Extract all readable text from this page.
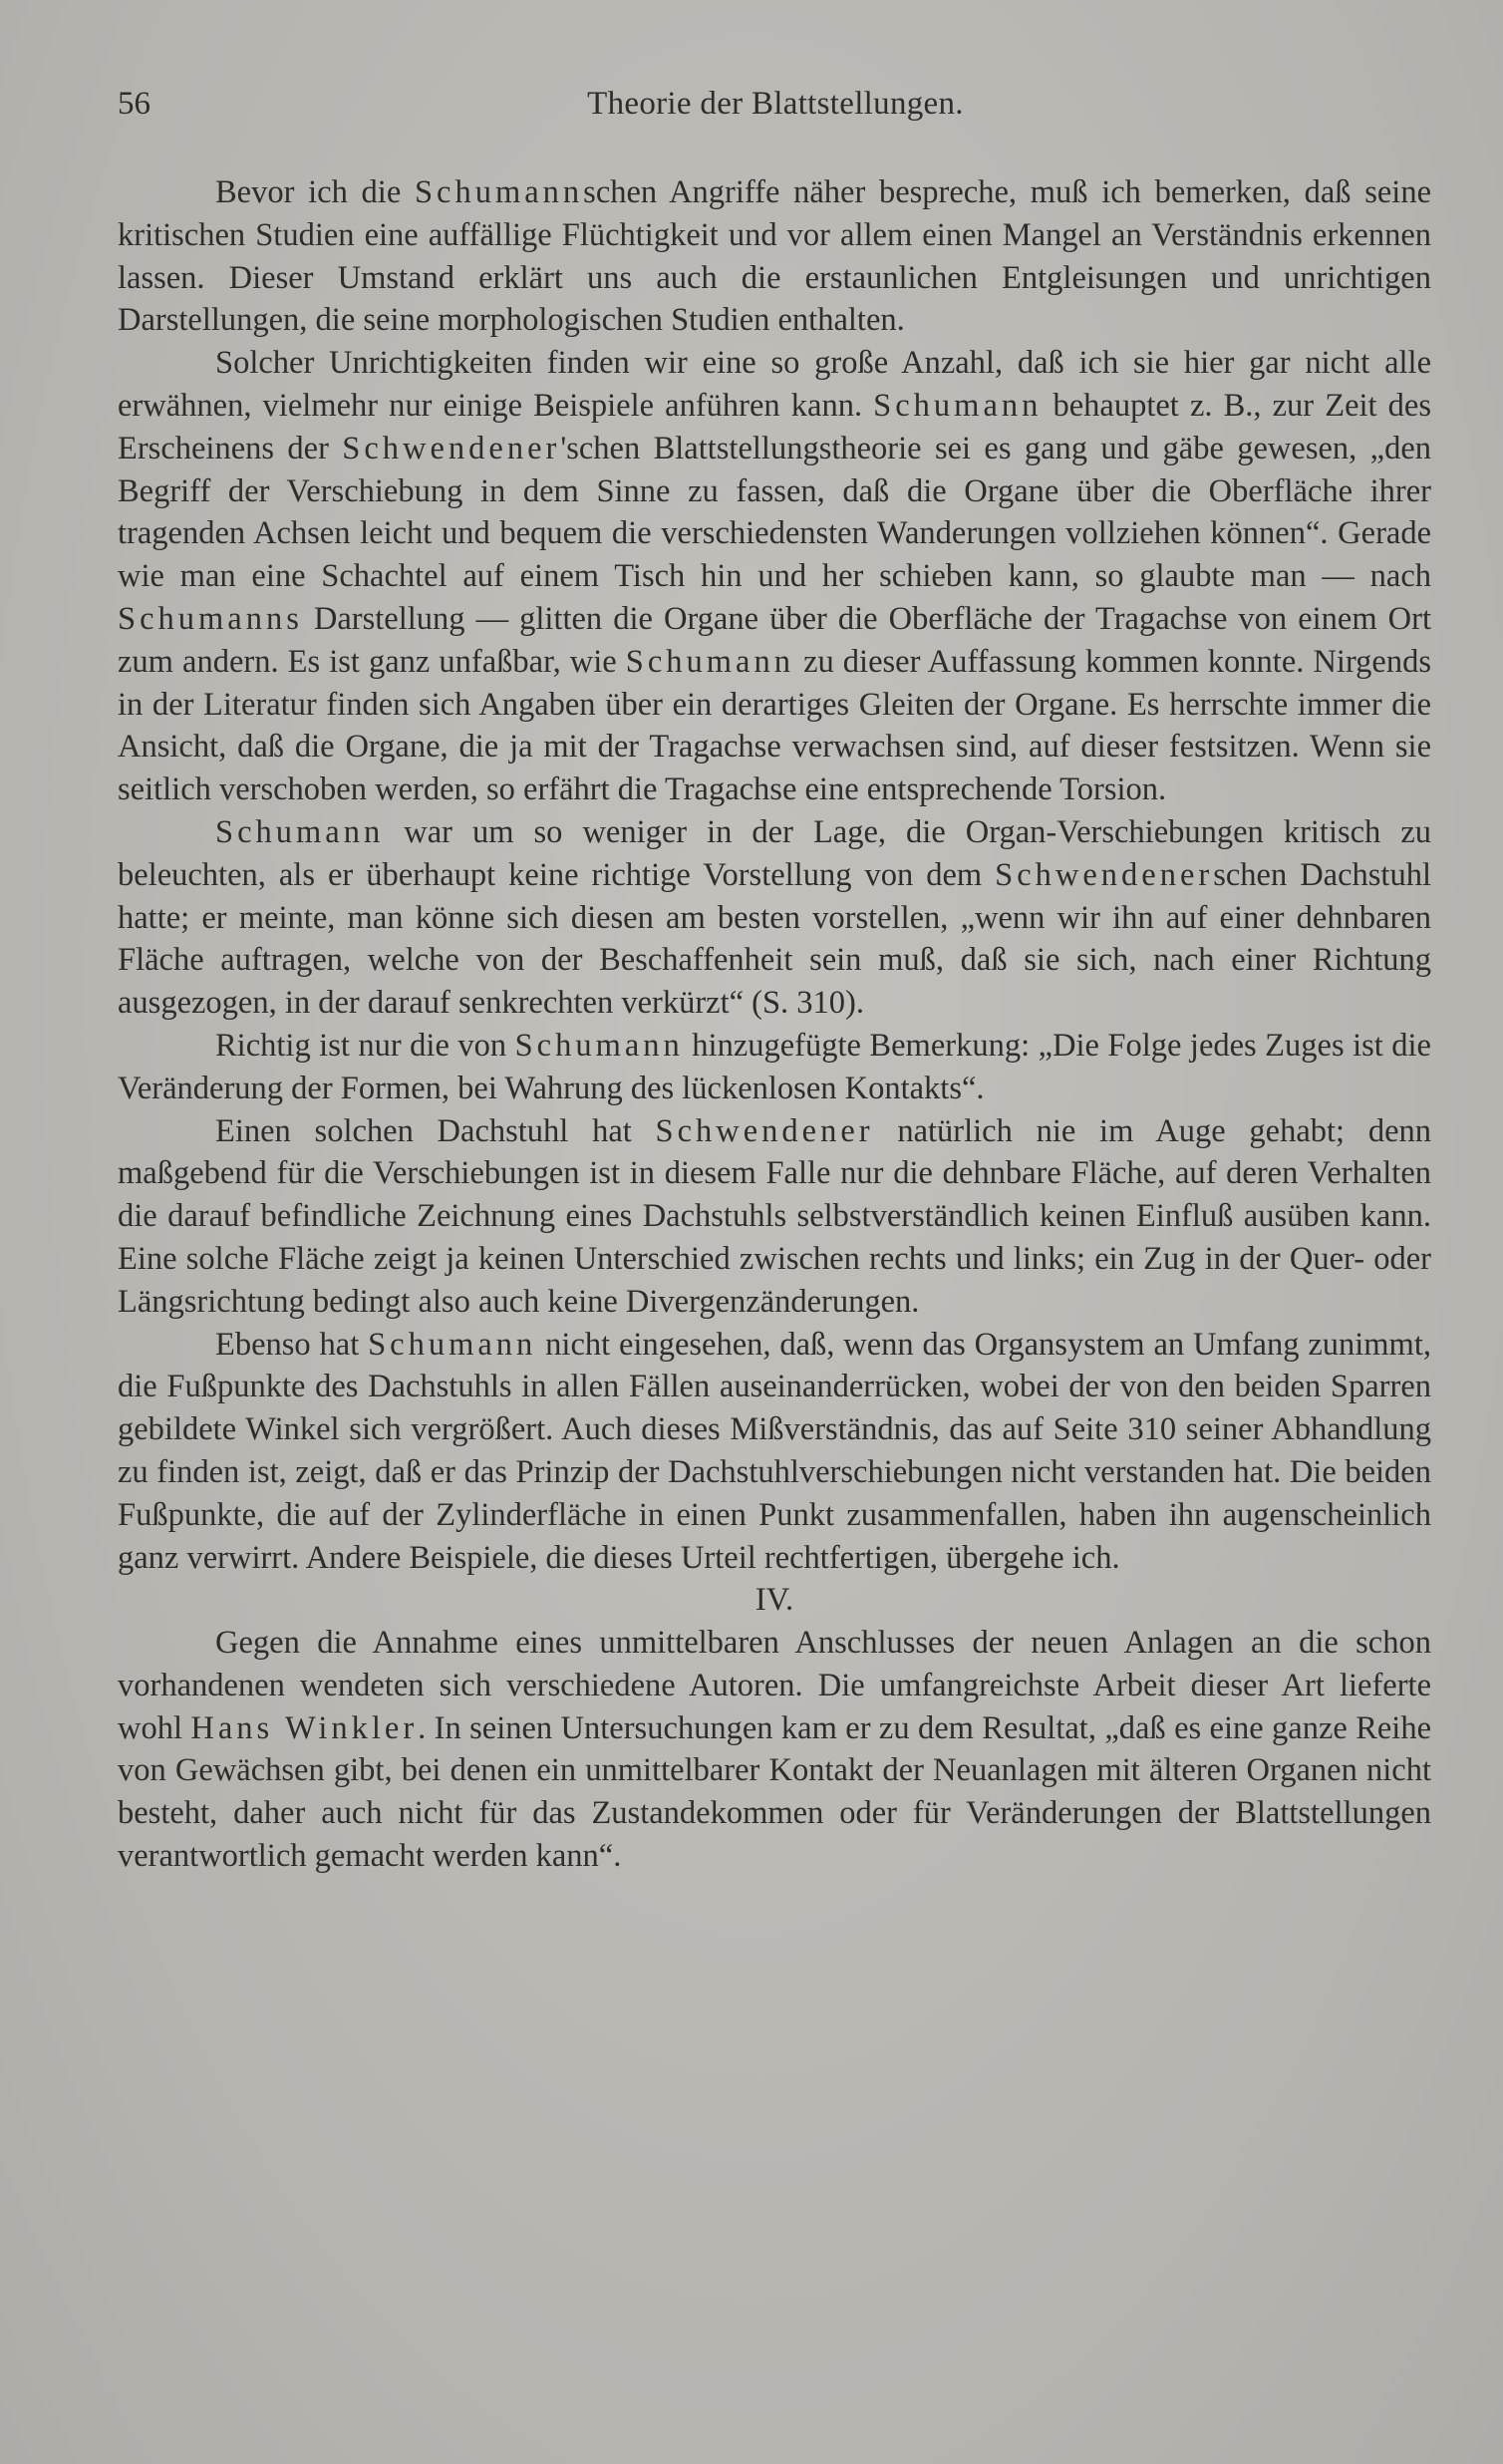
56	Theorie der Blattstellungen.

Bevor ich die Schumannschen Angriffe näher bespreche, muß ich bemerken, daß seine kritischen Studien eine auffällige Flüchtigkeit und vor allem einen Mangel an Verständnis erkennen lassen. Dieser Umstand erklärt uns auch die erstaunlichen Entgleisungen und unrichtigen Darstellungen, die seine morphologischen Studien enthalten.

Solcher Unrichtigkeiten finden wir eine so große Anzahl, daß ich sie hier gar nicht alle erwähnen, vielmehr nur einige Beispiele anführen kann. Schumann behauptet z. B., zur Zeit des Erscheinens der Schwendener'schen Blattstellungstheorie sei es gang und gäbe gewesen, „den Begriff der Verschiebung in dem Sinne zu fassen, daß die Organe über die Oberfläche ihrer tragenden Achsen leicht und bequem die verschiedensten Wanderungen vollziehen können“. Gerade wie man eine Schachtel auf einem Tisch hin und her schieben kann, so glaubte man — nach Schumanns Darstellung — glitten die Organe über die Oberfläche der Tragachse von einem Ort zum andern. Es ist ganz unfaßbar, wie Schumann zu dieser Auffassung kommen konnte. Nirgends in der Literatur finden sich Angaben über ein derartiges Gleiten der Organe. Es herrschte immer die Ansicht, daß die Organe, die ja mit der Tragachse verwachsen sind, auf dieser festsitzen. Wenn sie seitlich verschoben werden, so erfährt die Tragachse eine entsprechende Torsion.

Schumann war um so weniger in der Lage, die Organ-Verschiebungen kritisch zu beleuchten, als er überhaupt keine richtige Vorstellung von dem Schwendenerschen Dachstuhl hatte; er meinte, man könne sich diesen am besten vorstellen, „wenn wir ihn auf einer dehnbaren Fläche auftragen, welche von der Beschaffenheit sein muß, daß sie sich, nach einer Richtung ausgezogen, in der darauf senkrechten verkürzt“ (S. 310).

Richtig ist nur die von Schumann hinzugefügte Bemerkung: „Die Folge jedes Zuges ist die Veränderung der Formen, bei Wahrung des lückenlosen Kontakts“.

Einen solchen Dachstuhl hat Schwendener natürlich nie im Auge gehabt; denn maßgebend für die Verschiebungen ist in diesem Falle nur die dehnbare Fläche, auf deren Verhalten die darauf befindliche Zeichnung eines Dachstuhls selbstverständlich keinen Einfluß ausüben kann. Eine solche Fläche zeigt ja keinen Unterschied zwischen rechts und links; ein Zug in der Quer- oder Längsrichtung bedingt also auch keine Divergenzänderungen.

Ebenso hat Schumann nicht eingesehen, daß, wenn das Organsystem an Umfang zunimmt, die Fußpunkte des Dachstuhls in allen Fällen auseinanderrücken, wobei der von den beiden Sparren gebildete Winkel sich vergrößert. Auch dieses Mißverständnis, das auf Seite 310 seiner Abhandlung zu finden ist, zeigt, daß er das Prinzip der Dachstuhlverschiebungen nicht verstanden hat. Die beiden Fußpunkte, die auf der Zylinderfläche in einen Punkt zusammenfallen, haben ihn augenscheinlich ganz verwirrt. Andere Beispiele, die dieses Urteil rechtfertigen, übergehe ich.

IV.

Gegen die Annahme eines unmittelbaren Anschlusses der neuen Anlagen an die schon vorhandenen wendeten sich verschiedene Autoren. Die umfangreichste Arbeit dieser Art lieferte wohl Hans Winkler. In seinen Untersuchungen kam er zu dem Resultat, „daß es eine ganze Reihe von Gewächsen gibt, bei denen ein unmittelbarer Kontakt der Neuanlagen mit älteren Organen nicht besteht, daher auch nicht für das Zustandekommen oder für Veränderungen der Blattstellungen verantwortlich gemacht werden kann“.
